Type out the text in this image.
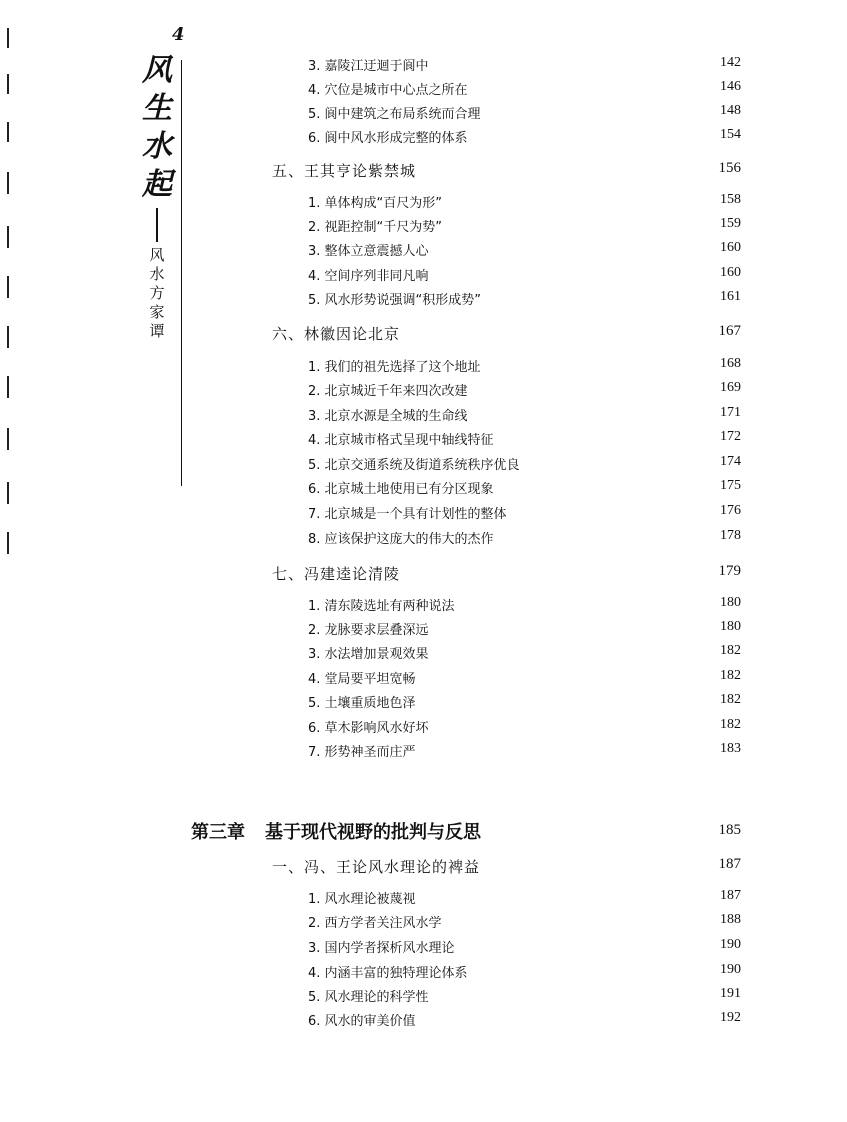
4
风
生
水
起
风
水
方
家
谭
3. 嘉陵江迂迴于阆中	142
4. 穴位是城市中心点之所在	146
5. 阆中建筑之布局系统而合理	148
6. 阆中风水形成完整的体系	154
五、王其亨论紫禁城	156
1. 单体构成“百尺为形”	158
2. 视距控制“千尺为势”	159
3. 整体立意震撼人心	160
4. 空间序列非同凡响	160
5. 风水形势说强调“积形成势”	161
六、林徽因论北京	167
1. 我们的祖先选择了这个地址	168
2. 北京城近千年来四次改建	169
3. 北京水源是全城的生命线	171
4. 北京城市格式呈现中轴线特征	172
5. 北京交通系统及街道系统秩序优良	174
6. 北京城土地使用已有分区现象	175
7. 北京城是一个具有计划性的整体	176
8. 应该保护这庞大的伟大的杰作	178
七、冯建逵论清陵	179
1. 清东陵选址有两种说法	180
2. 龙脉要求层叠深远	180
3. 水法增加景观效果	182
4. 堂局要平坦宽畅	182
5. 土壤重质地色泽	182
6. 草木影响风水好坏	182
7. 形势神圣而庄严	183
第三章 基于现代视野的批判与反思	185
一、冯、王论风水理论的裨益	187
1. 风水理论被蔑视	187
2. 西方学者关注风水学	188
3. 国内学者探析风水理论	190
4. 内涵丰富的独特理论体系	190
5. 风水理论的科学性	191
6. 风水的审美价值	192
